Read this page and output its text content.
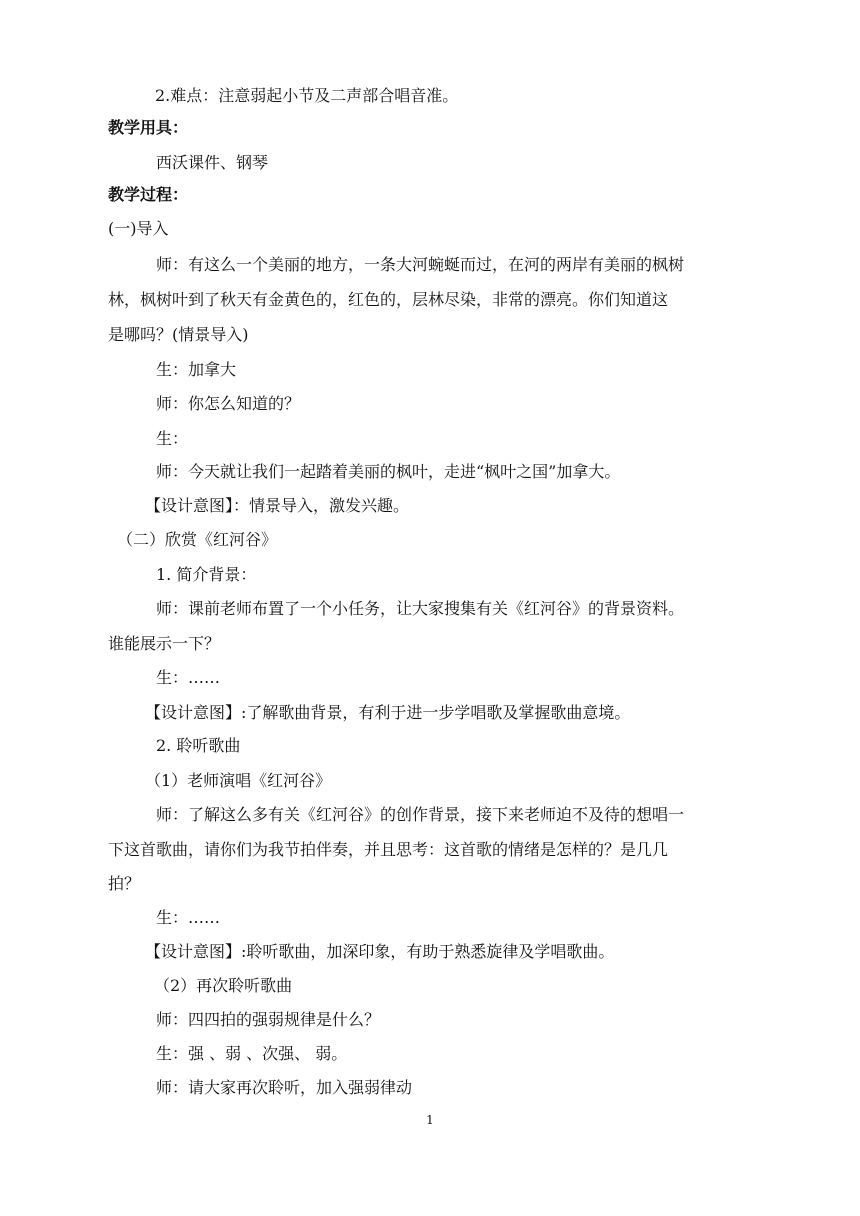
2.难点：注意弱起小节及二声部合唱音准。
教学用具：
西沃课件、钢琴
教学过程：
(一)导入
师：有这么一个美丽的地方，一条大河蜿蜒而过，在河的两岸有美丽的枫树
林，枫树叶到了秋天有金黄色的，红色的，层林尽染，非常的漂亮。你们知道这
是哪吗？(情景导入)
生：加拿大
师：你怎么知道的？
生：
师：今天就让我们一起踏着美丽的枫叶，走进“枫叶之国”加拿大。
【设计意图】：情景导入，激发兴趣。
（二）欣赏《红河谷》
1. 简介背景：
师：课前老师布置了一个小任务，让大家搜集有关《红河谷》的背景资料。
谁能展示一下？
生：……
【设计意图】:了解歌曲背景，有利于进一步学唱歌及掌握歌曲意境。
2. 聆听歌曲
（1）老师演唱《红河谷》
师：了解这么多有关《红河谷》的创作背景，接下来老师迫不及待的想唱一
下这首歌曲，请你们为我节拍伴奏，并且思考：这首歌的情绪是怎样的？是几几
拍？
生：……
【设计意图】:聆听歌曲，加深印象，有助于熟悉旋律及学唱歌曲。
（2）再次聆听歌曲
师：四四拍的强弱规律是什么？
生：强 、弱 、次强、 弱。
师：请大家再次聆听，加入强弱律动
1
